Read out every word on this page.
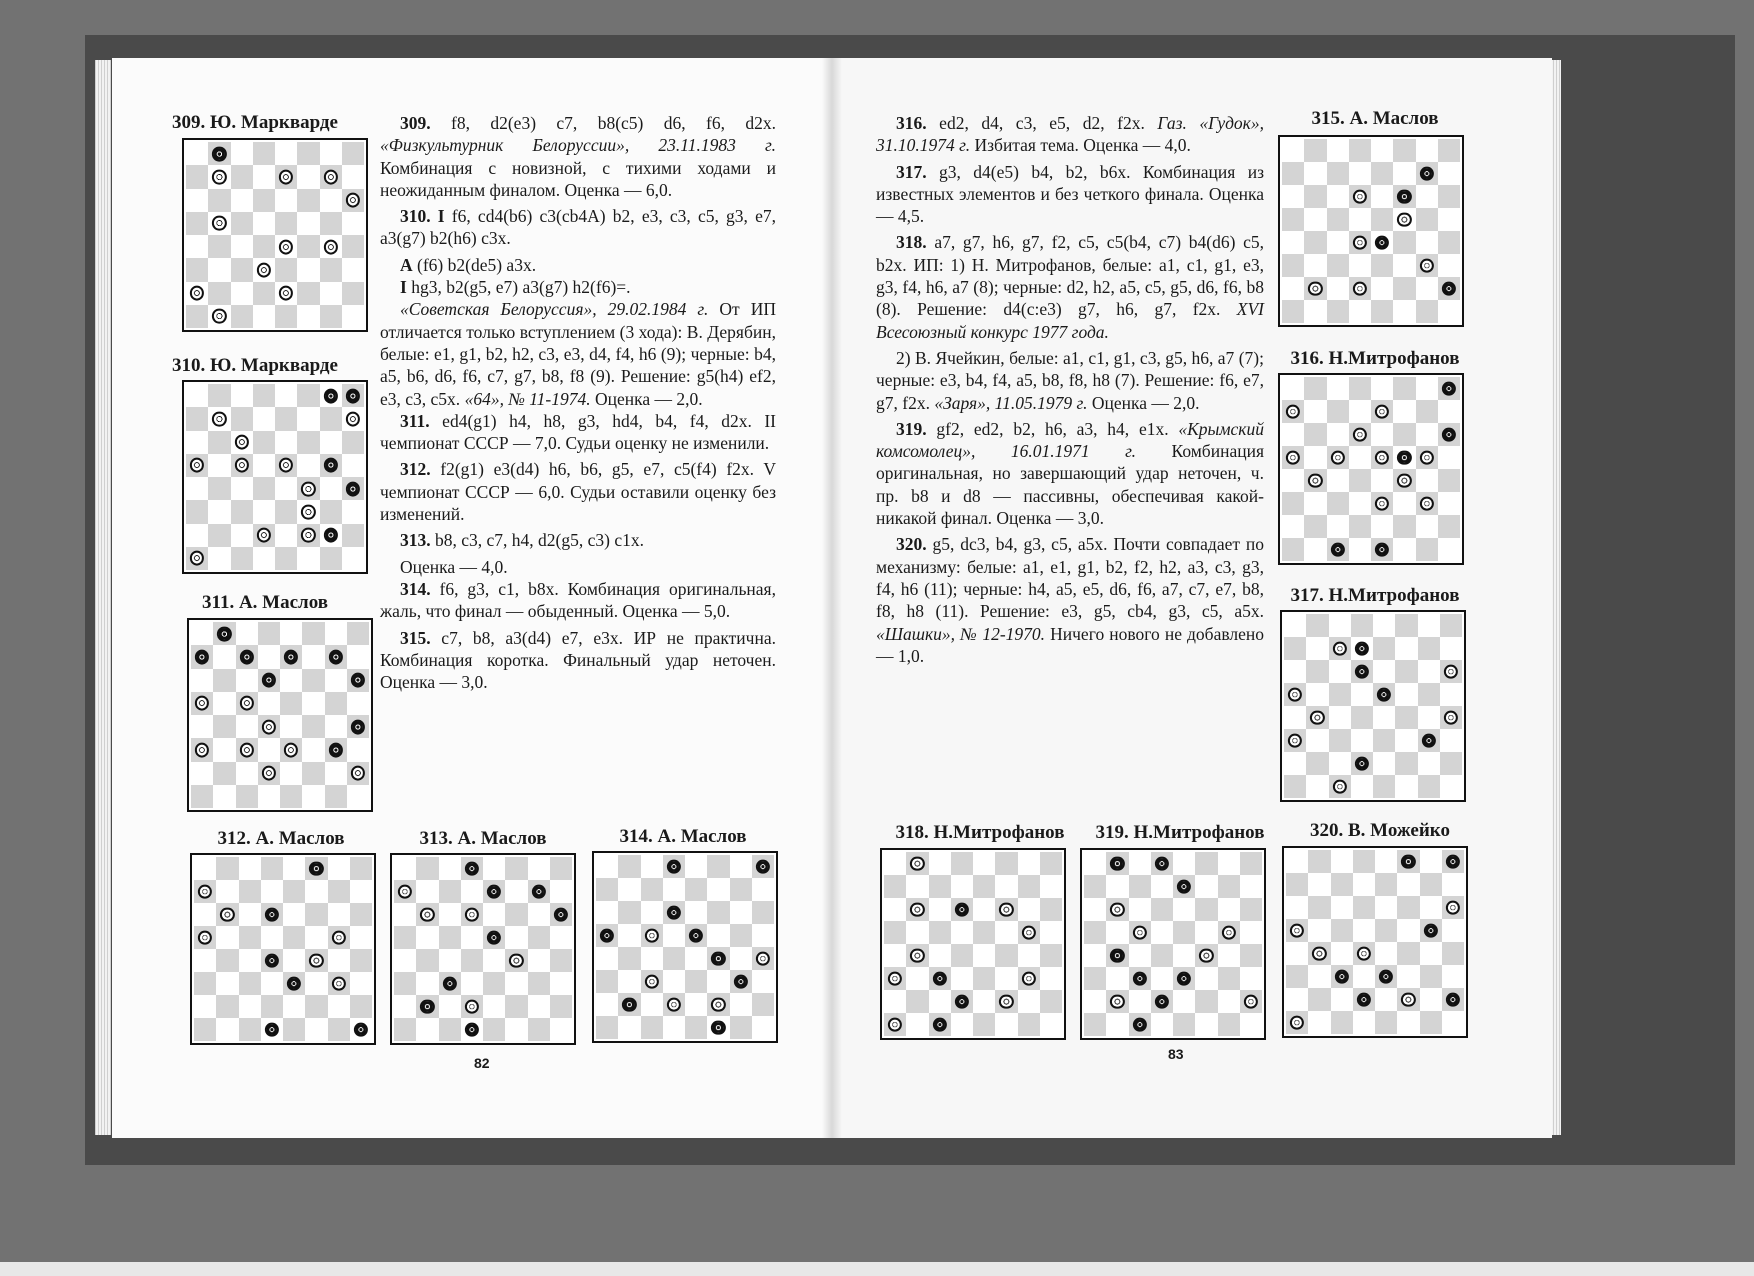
309. Ю. Маркварде
310. Ю. Маркварде
311. А. Маслов

309. f8, d2(e3) c7, b8(c5) d6, f6, d2x. «Физкультурник Белоруссии», 23.11.1983 г. Комбинация с новизной, с тихими ходами и неожиданным финалом. Оценка — 6,0.

310. I f6, cd4(b6) c3(cb4A) b2, e3, c3, c5, g3, e7, a3(g7) b2(h6) c3x.

A (f6) b2(de5) a3x.

I hg3, b2(g5, e7) a3(g7) h2(f6)=.

«Советская Белоруссия», 29.02.1984 г. От ИП отличается только вступлением (3 хода): В. Дерябин, белые: e1, g1, b2, h2, c3, e3, d4, f4, h6 (9); черные: b4, a5, b6, d6, f6, c7, g7, b8, f8 (9). Решение: g5(h4) ef2, e3, c3, c5x. «64», № 11-1974. Оценка — 2,0.

311. ed4(g1) h4, h8, g3, hd4, b4, f4, d2x. II чемпионат СССР — 7,0. Судьи оценку не изменили.

312. f2(g1) e3(d4) h6, b6, g5, e7, c5(f4) f2x. V чемпионат СССР — 6,0. Судьи оставили оценку без изменений.

313. b8, c3, c7, h4, d2(g5, c3) c1x.

Оценка — 4,0.

314. f6, g3, c1, b8x. Комбинация оригинальная, жаль, что финал — обыденный. Оценка — 5,0.

315. c7, b8, a3(d4) e7, e3x. ИР не практична. Комбинация коротка. Финальный удар неточен. Оценка — 3,0.

312. А. Маслов	313. А. Маслов	314. А. Маслов
82

316. ed2, d4, c3, e5, d2, f2x. Газ. «Гудок», 31.10.1974 г. Избитая тема. Оценка — 4,0.

317. g3, d4(e5) b4, b2, b6x. Комбинация из известных элементов и без четкого финала. Оценка — 4,5.

318. a7, g7, h6, g7, f2, c5, c5(b4, c7) b4(d6) c5, b2x. ИП: 1) Н. Митрофанов, белые: a1, c1, g1, e3, g3, f4, h6, a7 (8); черные: d2, h2, a5, c5, g5, d6, f6, b8 (8). Решение: d4(c:e3) g7, h6, g7, f2x. XVI Всесоюзный конкурс 1977 года.

2) В. Ячейкин, белые: a1, c1, g1, c3, g5, h6, a7 (7); черные: e3, b4, f4, a5, b8, f8, h8 (7). Решение: f6, e7, g7, f2x. «Заря», 11.05.1979 г. Оценка — 2,0.

319. gf2, ed2, b2, h6, a3, h4, e1x. «Крымский комсомолец», 16.01.1971 г. Комбинация оригинальная, но завершающий удар неточен, ч. пр. b8 и d8 — пассивны, обеспечивая какой-никакой финал. Оценка — 3,0.

320. g5, dc3, b4, g3, c5, a5x. Почти совпадает по механизму: белые: a1, e1, g1, b2, f2, h2, a3, c3, g3, f4, h6 (11); черные: h4, a5, e5, d6, f6, a7, c7, e7, b8, f8, h8 (11). Решение: e3, g5, cb4, g3, c5, a5x. «Шашки», № 12-1970. Ничего нового не добавлено — 1,0.

315. А. Маслов
316. Н.Митрофанов
317. Н.Митрофанов
318. Н.Митрофанов	319. Н.Митрофанов	320. В. Можейко
83
